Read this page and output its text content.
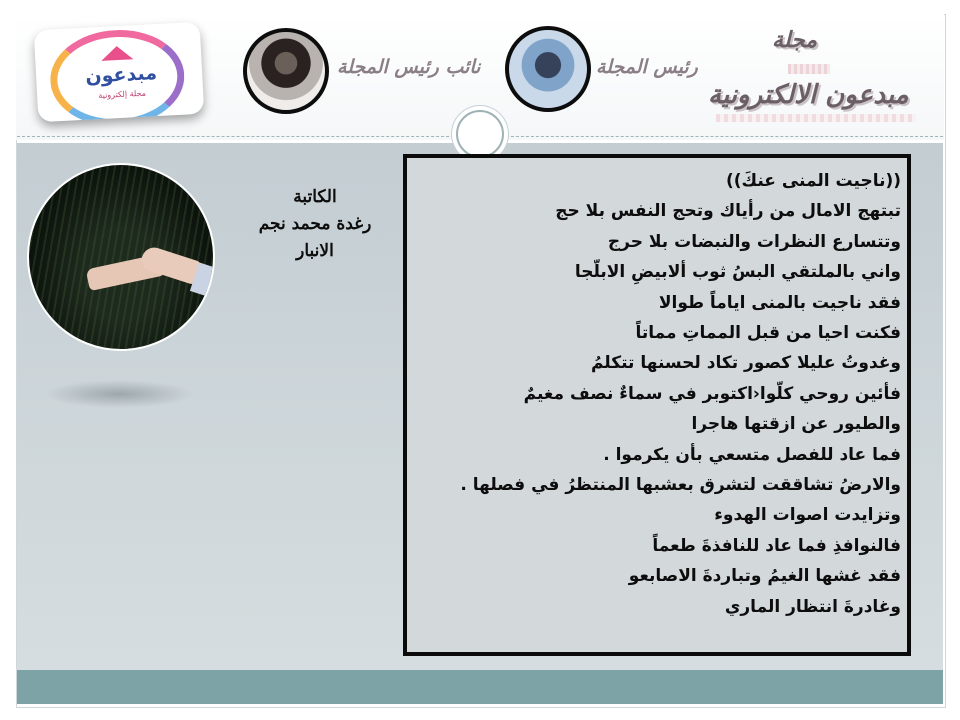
مبدعون
مجلة إلكترونية
نائب رئيس المجلة	رئيس المجلة
مجلة
مبدعون الالكترونية
الكاتبة
رغدة محمد نجم
الانبار
((ناجيت المنى عنكَ))
تبتهج الامال من رأياك وتحج النفس بلا حج
وتتسارع النظرات والنبضات بلا حرج
واني بالملتقي البسُ ثوب ألابيضِ الابلّجا
فقد ناجيت بالمنى اياماً طوالا
فكنت احيا من قبل المماتِ مماتاً
وغدوتُ عليلا كصور تكاد لحسنها تتكلمُ
فأئين روحي كلّوا‹اكتوبر في سماءٌ نصف مغيمٌ
والطيور عن ازقتها هاجرا
فما عاد للفصل متسعي بأن يكرموا .
والارضُ تشاققت لتشرق بعشبها المنتظرُ في فصلها .
وتزايدت اصوات الهدوء
فالنوافذِ فما عاد للنافذةَ طعماً
فقد غشها الغيمُ وتباردةَ الاصابعو
وغادرةَ انتظار الماري
